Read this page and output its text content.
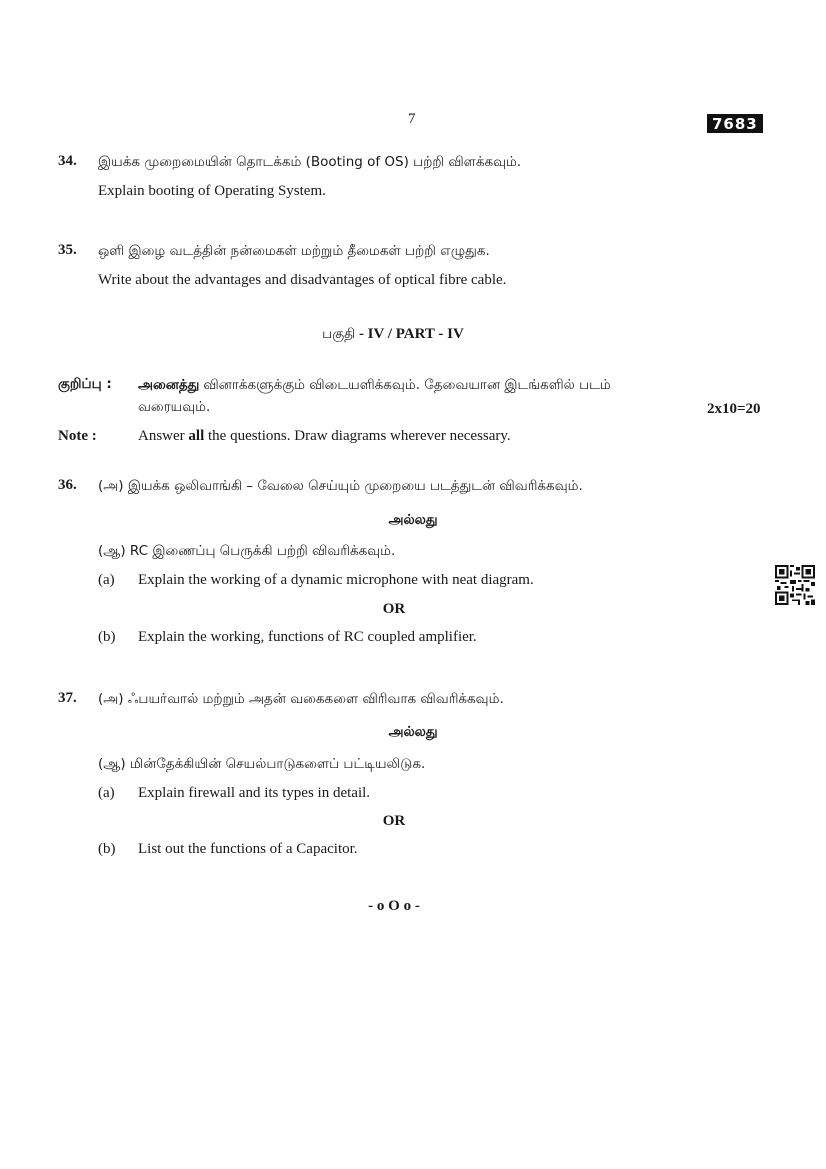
7	7683
34. இயக்க முறைமையின் தொடக்கம் (Booting of OS) பற்றி விளக்கவும்.
Explain booting of Operating System.
35. ஒளி இழை வடத்தின் நன்மைகள் மற்றும் தீமைகள் பற்றி எழுதுக.
Write about the advantages and disadvantages of optical fibre cable.
பகுதி - IV / PART - IV
குறிப்பு : அனைத்து வினாக்களுக்கும் விடையளிக்கவும். தேவையான இடங்களில் படம்
வரையவும்.	2x10=20
Note :	Answer all the questions. Draw diagrams wherever necessary.
36. (அ) இயக்க ஒலிவாங்கி – வேலை செய்யும் முறையை படத்துடன் விவரிக்கவும்.
அல்லது
(ஆ) RC இணைப்பு பெருக்கி பற்றி விவரிக்கவும்.
(a) Explain the working of a dynamic microphone with neat diagram.
OR
(b) Explain the working, functions of RC coupled amplifier.
37. (அ) ஃபயர்வால் மற்றும் அதன் வகைகளை விரிவாக விவரிக்கவும்.
அல்லது
(ஆ) மின்தேக்கியின் செயல்பாடுகளைப் பட்டியலிடுக.
(a) Explain firewall and its types in detail.
OR
(b) List out the functions of a Capacitor.
- o O o -
